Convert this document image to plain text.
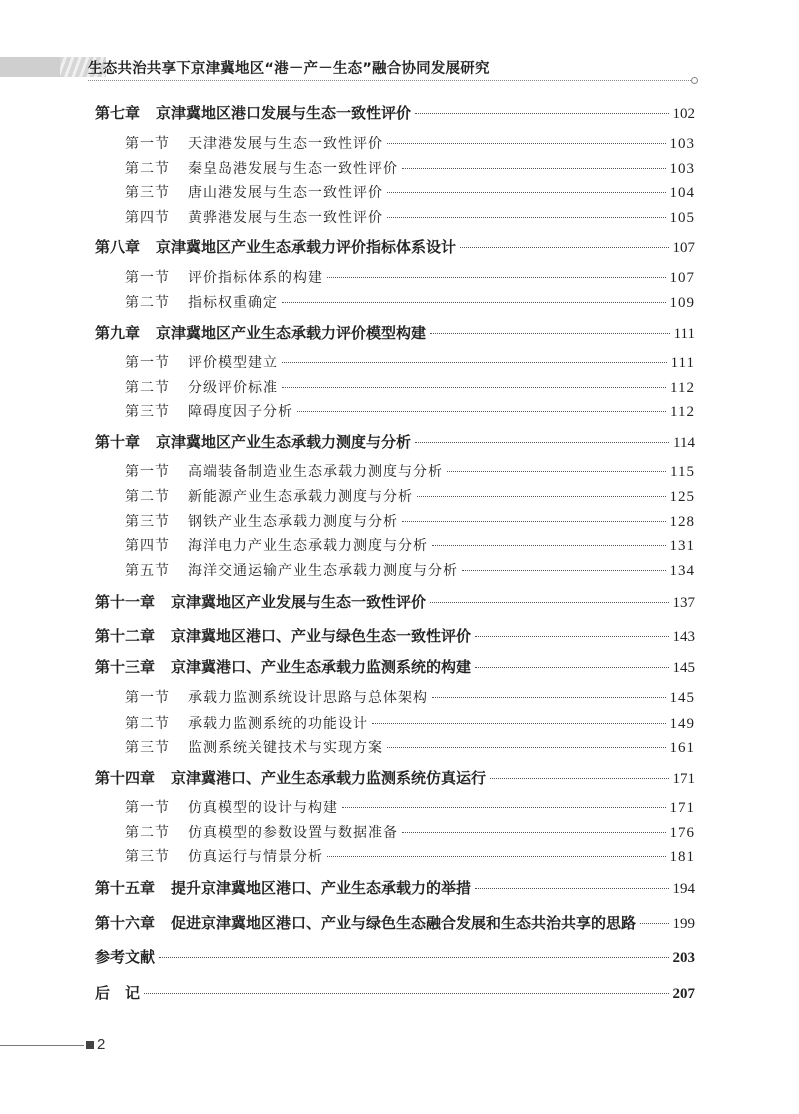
生态共治共享下京津冀地区“港－产－生态”融合协同发展研究
第七章 京津冀地区港口发展与生态一致性评价	102
第一节 天津港发展与生态一致性评价	103
第二节 秦皇岛港发展与生态一致性评价	103
第三节 唐山港发展与生态一致性评价	104
第四节 黄骅港发展与生态一致性评价	105
第八章 京津冀地区产业生态承载力评价指标体系设计	107
第一节 评价指标体系的构建	107
第二节 指标权重确定	109
第九章 京津冀地区产业生态承载力评价模型构建	111
第一节 评价模型建立	111
第二节 分级评价标准	112
第三节 障碍度因子分析	112
第十章 京津冀地区产业生态承载力测度与分析	114
第一节 高端装备制造业生态承载力测度与分析	115
第二节 新能源产业生态承载力测度与分析	125
第三节 钢铁产业生态承载力测度与分析	128
第四节 海洋电力产业生态承载力测度与分析	131
第五节 海洋交通运输产业生态承载力测度与分析	134
第十一章 京津冀地区产业发展与生态一致性评价	137
第十二章 京津冀地区港口、产业与绿色生态一致性评价	143
第十三章 京津冀港口、产业生态承载力监测系统的构建	145
第一节 承载力监测系统设计思路与总体架构	145
第二节 承载力监测系统的功能设计	149
第三节 监测系统关键技术与实现方案	161
第十四章 京津冀港口、产业生态承载力监测系统仿真运行	171
第一节 仿真模型的设计与构建	171
第二节 仿真模型的参数设置与数据准备	176
第三节 仿真运行与情景分析	181
第十五章 提升京津冀地区港口、产业生态承载力的举措	194
第十六章 促进京津冀地区港口、产业与绿色生态融合发展和生态共治共享的思路 199
参考文献	203
后　记	207
2
